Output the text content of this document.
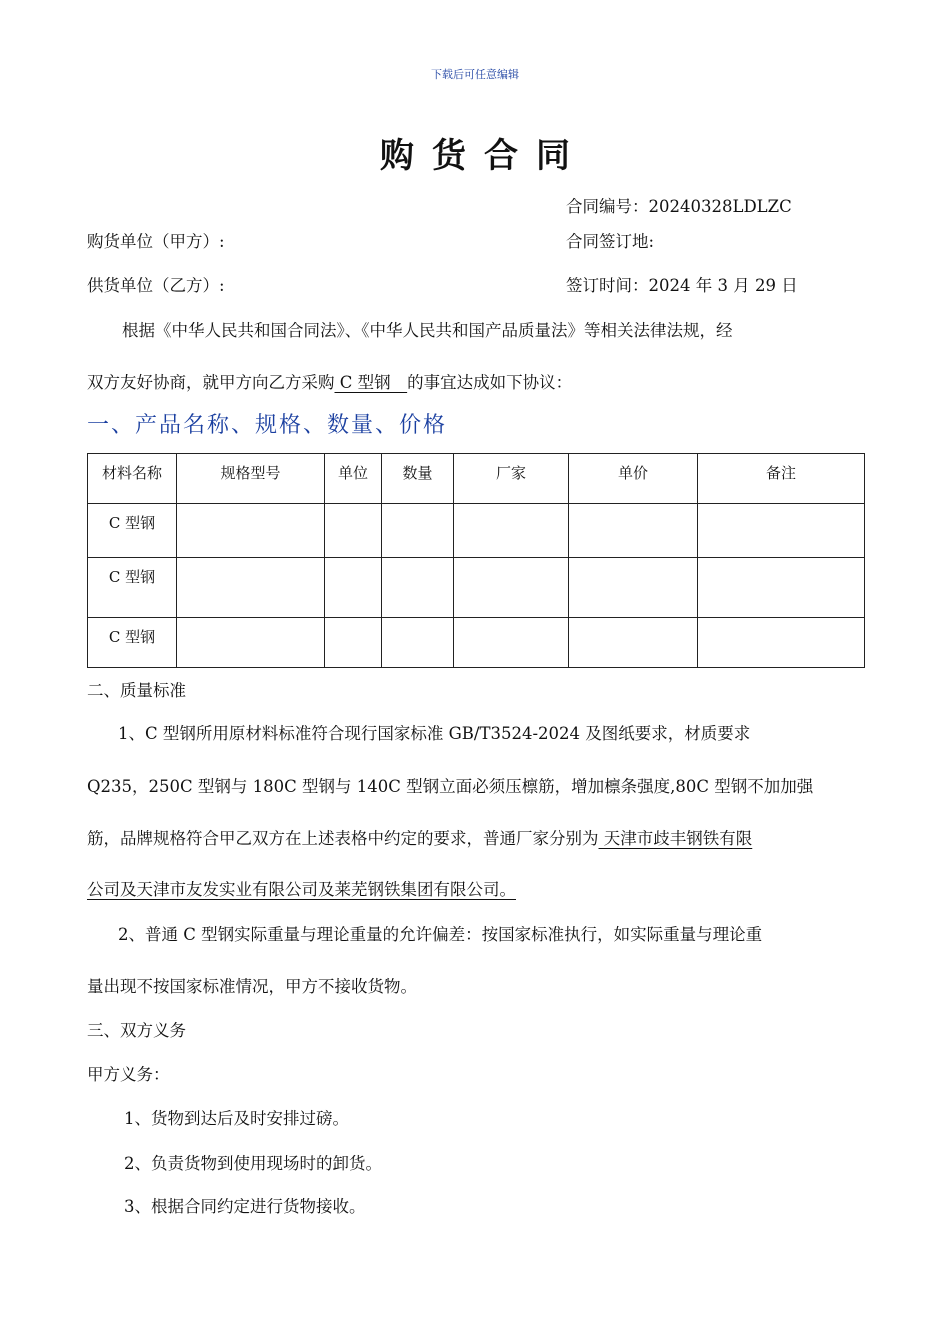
下载后可任意编辑
购货合同
合同编号：20240328LDLZC
购货单位（甲方）:	合同签订地:
供货单位（乙方）:	签订时间：2024 年 3 月 29 日
根据《中华人民共和国合同法》、《中华人民共和国产品质量法》等相关法律法规，经
双方友好协商，就甲方向乙方采购 C 型钢　的事宜达成如下协议：
一、产品名称、规格、数量、价格
材料名称	规格型号	单位	数量	厂家	单价	备注
C 型钢						
C 型钢						
C 型钢						
二、质量标准
1、C 型钢所用原材料标准符合现行国家标准 GB/T3524-2024 及图纸要求，材质要求
Q235，250C 型钢与 180C 型钢与 140C 型钢立面必须压檩筋，增加檩条强度,80C 型钢不加加强
筋，品牌规格符合甲乙双方在上述表格中约定的要求，普通厂家分别为 天津市歧丰钢铁有限
公司及天津市友发实业有限公司及莱芜钢铁集团有限公司。
2、普通 C 型钢实际重量与理论重量的允许偏差：按国家标准执行，如实际重量与理论重
量出现不按国家标准情况，甲方不接收货物。
三、双方义务
甲方义务：
1、货物到达后及时安排过磅。
2、负责货物到使用现场时的卸货。
3、根据合同约定进行货物接收。
